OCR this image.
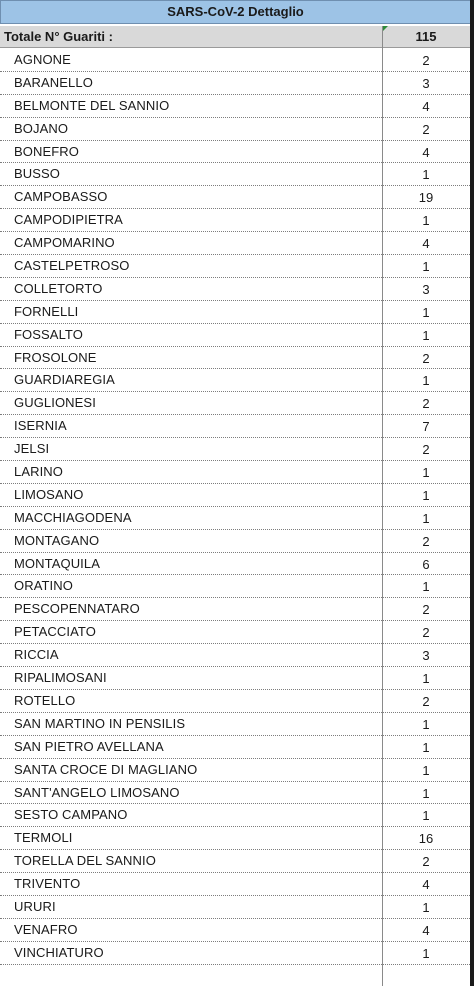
SARS-CoV-2 Dettaglio
Totale N° Guariti :	115
AGNONE	2
BARANELLO	3
BELMONTE DEL SANNIO	4
BOJANO	2
BONEFRO	4
BUSSO	1
CAMPOBASSO	19
CAMPODIPIETRA	1
CAMPOMARINO	4
CASTELPETROSO	1
COLLETORTO	3
FORNELLI	1
FOSSALTO	1
FROSOLONE	2
GUARDIAREGIA	1
GUGLIONESI	2
ISERNIA	7
JELSI	2
LARINO	1
LIMOSANO	1
MACCHIAGODENA	1
MONTAGANO	2
MONTAQUILA	6
ORATINO	1
PESCOPENNATARO	2
PETACCIATO	2
RICCIA	3
RIPALIMOSANI	1
ROTELLO	2
SAN MARTINO IN PENSILIS	1
SAN PIETRO AVELLANA	1
SANTA CROCE DI MAGLIANO	1
SANT'ANGELO LIMOSANO	1
SESTO CAMPANO	1
TERMOLI	16
TORELLA DEL SANNIO	2
TRIVENTO	4
URURI	1
VENAFRO	4
VINCHIATURO	1
